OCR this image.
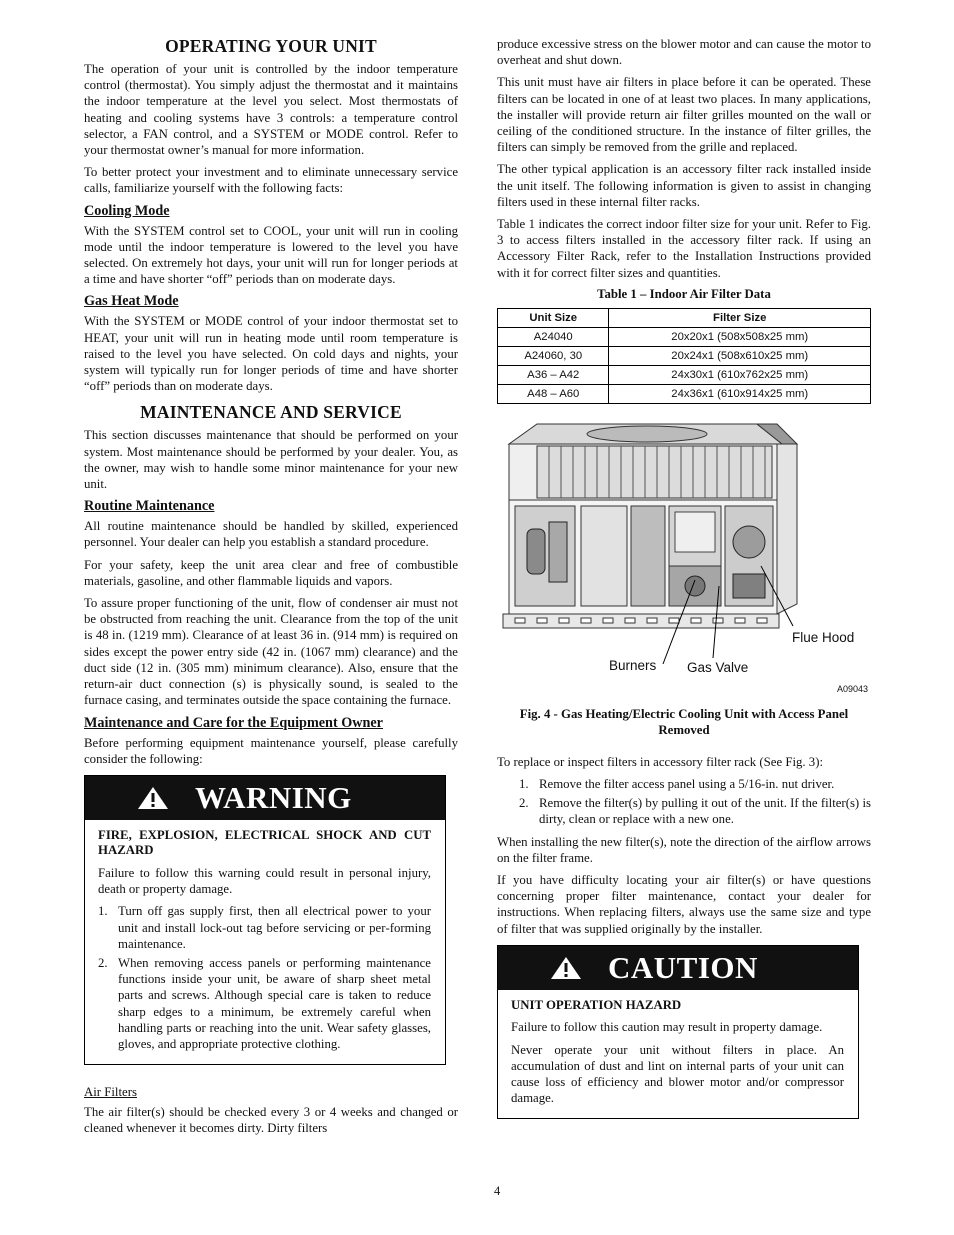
OPERATING YOUR UNIT

The operation of your unit is controlled by the indoor temperature control (thermostat). You simply adjust the thermostat and it maintains the indoor temperature at the level you select. Most thermostats of heating and cooling systems have 3 controls: a temperature control selector, a FAN control, and a SYSTEM or MODE control. Refer to your thermostat owner’s manual for more information.

To better protect your investment and to eliminate unnecessary service calls, familiarize yourself with the following facts:

Cooling Mode

With the SYSTEM control set to COOL, your unit will run in cooling mode until the indoor temperature is lowered to the level you have selected. On extremely hot days, your unit will run for longer periods at a time and have shorter “off” periods than on moderate days.

Gas Heat Mode

With the SYSTEM or MODE control of your indoor thermostat set to HEAT, your unit will run in heating mode until room temperature is raised to the level you have selected. On cold days and nights, your system will typically run for longer periods of time and have shorter “off” periods than on moderate days.

MAINTENANCE AND SERVICE

This section discusses maintenance that should be performed on your system. Most maintenance should be performed by your dealer. You, as the owner, may wish to handle some minor maintenance for your new unit.

Routine Maintenance

All routine maintenance should be handled by skilled, experienced personnel. Your dealer can help you establish a standard procedure.

For your safety, keep the unit area clear and free of combustible materials, gasoline, and other flammable liquids and vapors.

To assure proper functioning of the unit, flow of condenser air must not be obstructed from reaching the unit. Clearance from the top of the unit is 48 in. (1219 mm). Clearance of at least 36 in. (914 mm) is required on sides except the power entry side (42 in. (1067 mm) clearance) and the duct side (12 in. (305 mm) minimum clearance). Also, ensure that the return‐air duct connection (s) is physically sound, is sealed to the furnace casing, and terminates outside the space containing the furnace.

Maintenance and Care for the Equipment Owner

Before performing equipment maintenance yourself, please carefully consider the following:

WARNING
FIRE, EXPLOSION, ELECTRICAL SHOCK AND CUT HAZARD

Failure to follow this warning could result in personal injury, death or property damage.

1. Turn off gas supply first, then all electrical power to your unit and install lock‐out tag before servicing or per‐forming maintenance.
2. When removing access panels or performing maintenance functions inside your unit, be aware of sharp sheet metal parts and screws. Although special care is taken to reduce sharp edges to a minimum, be extremely careful when handling parts or reaching into the unit. Wear safety glasses, gloves, and appropriate protective clothing.
Air Filters

The air filter(s) should be checked every 3 or 4 weeks and changed or cleaned whenever it becomes dirty. Dirty filters

produce excessive stress on the blower motor and can cause the motor to overheat and shut down.

This unit must have air filters in place before it can be operated. These filters can be located in one of at least two places. In many applications, the installer will provide return air filter grilles mounted on the wall or ceiling of the conditioned structure. In the instance of filter grilles, the filters can simply be removed from the grille and replaced.

The other typical application is an accessory filter rack installed inside the unit itself. The following information is given to assist in changing filters used in these internal filter racks.

Table 1 indicates the correct indoor filter size for your unit. Refer to Fig. 3 to access filters installed in the accessory filter rack. If using an Accessory Filter Rack, refer to the Installation Instructions provided with it for correct filter sizes and quantities.

Table 1 – Indoor Air Filter Data
Unit Size	Filter Size
A24040	20x20x1 (508x508x25 mm)
A24060, 30	20x24x1 (508x610x25 mm)
A36 – A42	24x30x1 (610x762x25 mm)
A48 – A60	24x36x1 (610x914x25 mm)
Flue Hood
Burners Gas Valve
A09043
Fig. 4 ‐ Gas Heating/Electric Cooling Unit with Access Panel Removed

To replace or inspect filters in accessory filter rack (See Fig. 3):

1. Remove the filter access panel using a 5/16‐in. nut driver.
2. Remove the filter(s) by pulling it out of the unit. If the filter(s) is dirty, clean or replace with a new one.

When installing the new filter(s), note the direction of the airflow arrows on the filter frame.

If you have difficulty locating your air filter(s) or have questions concerning proper filter maintenance, contact your dealer for instructions. When replacing filters, always use the same size and type of filter that was supplied originally by the installer.

CAUTION
UNIT OPERATION HAZARD

Failure to follow this caution may result in property damage.

Never operate your unit without filters in place. An accumulation of dust and lint on internal parts of your unit can cause loss of efficiency and blower motor and/or compressor damage.

4
